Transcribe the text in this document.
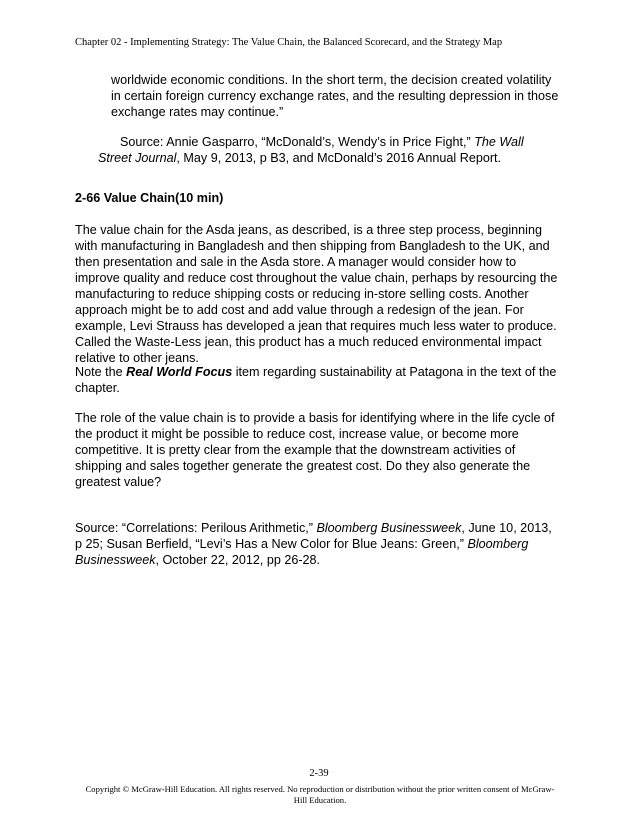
Chapter 02 - Implementing Strategy: The Value Chain, the Balanced Scorecard, and the Strategy Map
worldwide economic conditions. In the short term, the decision created volatility
in certain foreign currency exchange rates, and the resulting depression in those
exchange rates may continue.”
Source: Annie Gasparro, “McDonald’s, Wendy’s in Price Fight,” The Wall
Street Journal, May 9, 2013, p B3, and McDonald’s 2016 Annual Report.
2-66 Value Chain(10 min)
The value chain for the Asda jeans, as described, is a three step process, beginning
with manufacturing in Bangladesh and then shipping from Bangladesh to the UK, and
then presentation and sale in the Asda store. A manager would consider how to
improve quality and reduce cost throughout the value chain, perhaps by resourcing the
manufacturing to reduce shipping costs or reducing in-store selling costs. Another
approach might be to add cost and add value through a redesign of the jean. For
example, Levi Strauss has developed a jean that requires much less water to produce.
Called the Waste-Less jean, this product has a much reduced environmental impact
relative to other jeans.
Note the Real World Focus item regarding sustainability at Patagona in the text of the
chapter.
The role of the value chain is to provide a basis for identifying where in the life cycle of
the product it might be possible to reduce cost, increase value, or become more
competitive. It is pretty clear from the example that the downstream activities of
shipping and sales together generate the greatest cost. Do they also generate the
greatest value?
Source: “Correlations: Perilous Arithmetic,” Bloomberg Businessweek, June 10, 2013,
p 25; Susan Berfield, “Levi’s Has a New Color for Blue Jeans: Green,” Bloomberg
Businessweek, October 22, 2012, pp 26-28.
2-39
Copyright © McGraw-Hill Education. All rights reserved. No reproduction or distribution without the prior written consent of McGraw-Hill Education.
